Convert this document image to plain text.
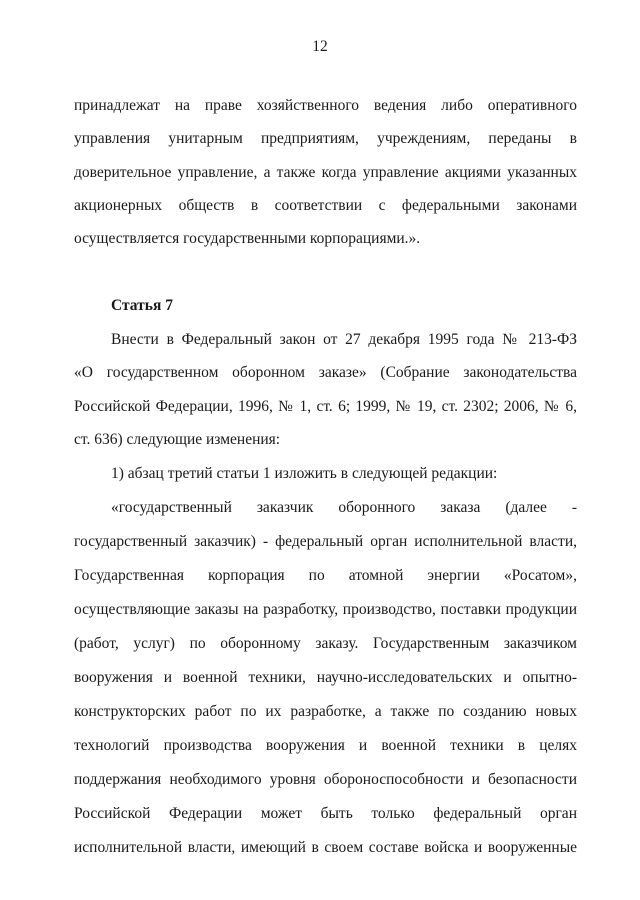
12
Статья 7
принадлежат на праве хозяйственного ведения либо оперативного
управления унитарным предприятиям, учреждениям, переданы в
доверительное управление, а также когда управление акциями указанных
акционерных обществ в соответствии с федеральными законами
осуществляется государственными корпорациями.».
Внести в Федеральный закон от 27 декабря 1995 года № 213-ФЗ
«О государственном оборонном заказе» (Собрание законодательства
Российской Федерации, 1996, № 1, ст. 6; 1999, № 19, ст. 2302; 2006, № 6,
ст. 636) следующие изменения:
1) абзац третий статьи 1 изложить в следующей редакции:
«государственный заказчик оборонного заказа (далее -
государственный заказчик) - федеральный орган исполнительной власти,
Государственная корпорация по атомной энергии «Росатом»,
осуществляющие заказы на разработку, производство, поставки продукции
(работ, услуг) по оборонному заказу. Государственным заказчиком
вооружения и военной техники, научно-исследовательских и опытно-
конструкторских работ по их разработке, а также по созданию новых
технологий производства вооружения и военной техники в целях
поддержания необходимого уровня обороноспособности и безопасности
Российской Федерации может быть только федеральный орган
исполнительной власти, имеющий в своем составе войска и вооруженные
